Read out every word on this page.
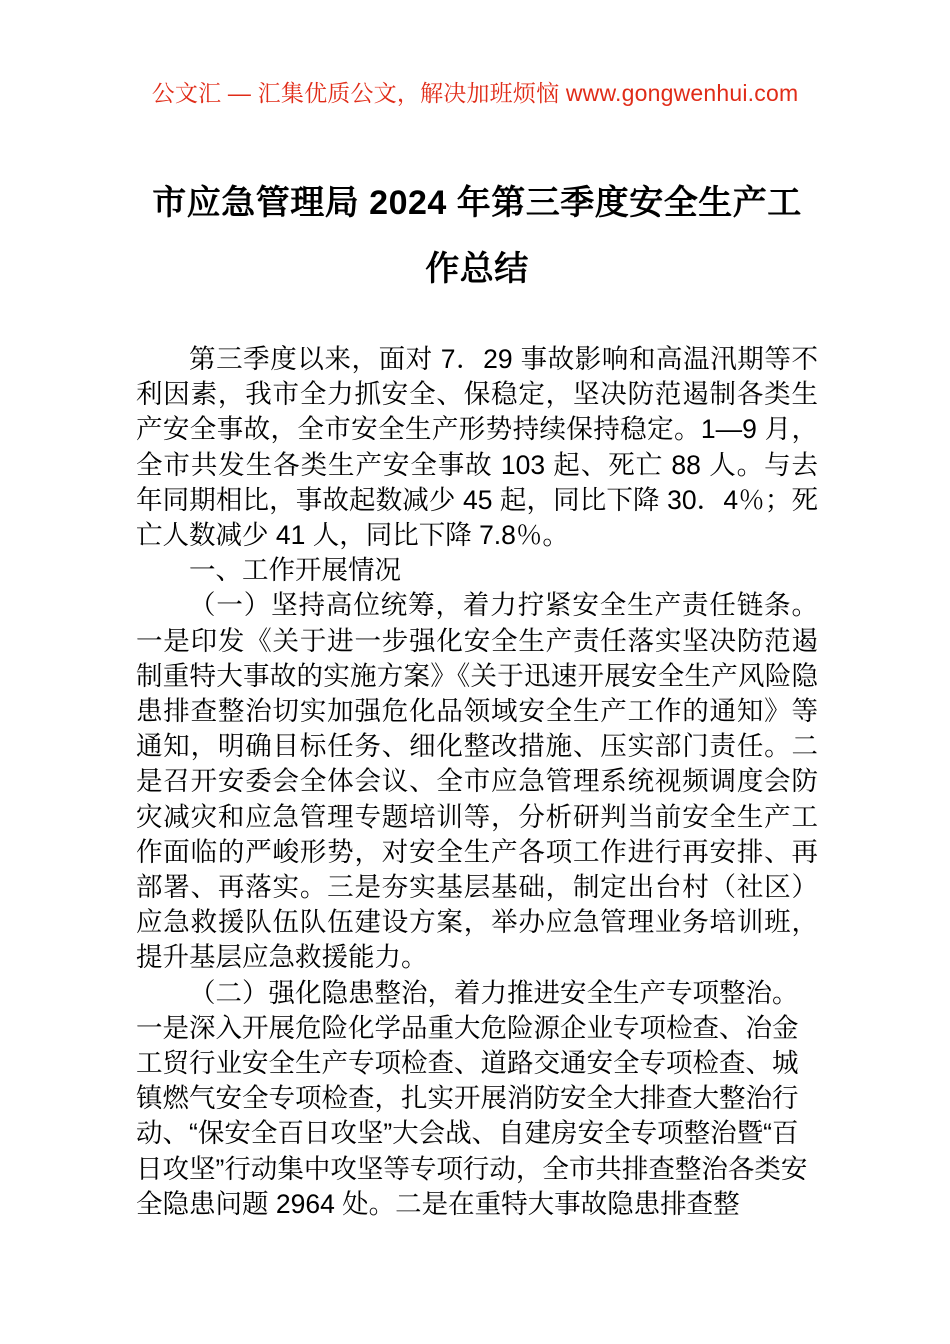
公文汇 — 汇集优质公文，解决加班烦恼 www.gongwenhui.com
市应急管理局 2024 年第三季度安全生产工作总结

第三季度以来，面对 7．29 事故影响和高温汛期等不利因素，我市全力抓安全、保稳定，坚决防范遏制各类生产安全事故，全市安全生产形势持续保持稳定。1—9 月，全市共发生各类生产安全事故 103 起、死亡 88 人。与去年同期相比，事故起数减少 45 起，同比下降 30．4％；死亡人数减少 41 人，同比下降 7.8％。

一、工作开展情况

（一）坚持高位统筹，着力拧紧安全生产责任链条。一是印发《关于进一步强化安全生产责任落实坚决防范遏制重特大事故的实施方案》《关于迅速开展安全生产风险隐患排查整治切实加强危化品领域安全生产工作的通知》等通知，明确目标任务、细化整改措施、压实部门责任。二是召开安委会全体会议、全市应急管理系统视频调度会防灾减灾和应急管理专题培训等，分析研判当前安全生产工作面临的严峻形势，对安全生产各项工作进行再安排、再部署、再落实。三是夯实基层基础，制定出台村（社区）应急救援队伍队伍建设方案，举办应急管理业务培训班，提升基层应急救援能力。

（二）强化隐患整治，着力推进安全生产专项整治。一是深入开展危险化学品重大危险源企业专项检查、冶金工贸行业安全生产专项检查、道路交通安全专项检查、城镇燃气安全专项检查，扎实开展消防安全大排查大整治行动、“保安全百日攻坚”大会战、自建房安全专项整治暨“百日攻坚”行动集中攻坚等专项行动，全市共排查整治各类安全隐患问题 2964 处。二是在重特大事故隐患排查整
